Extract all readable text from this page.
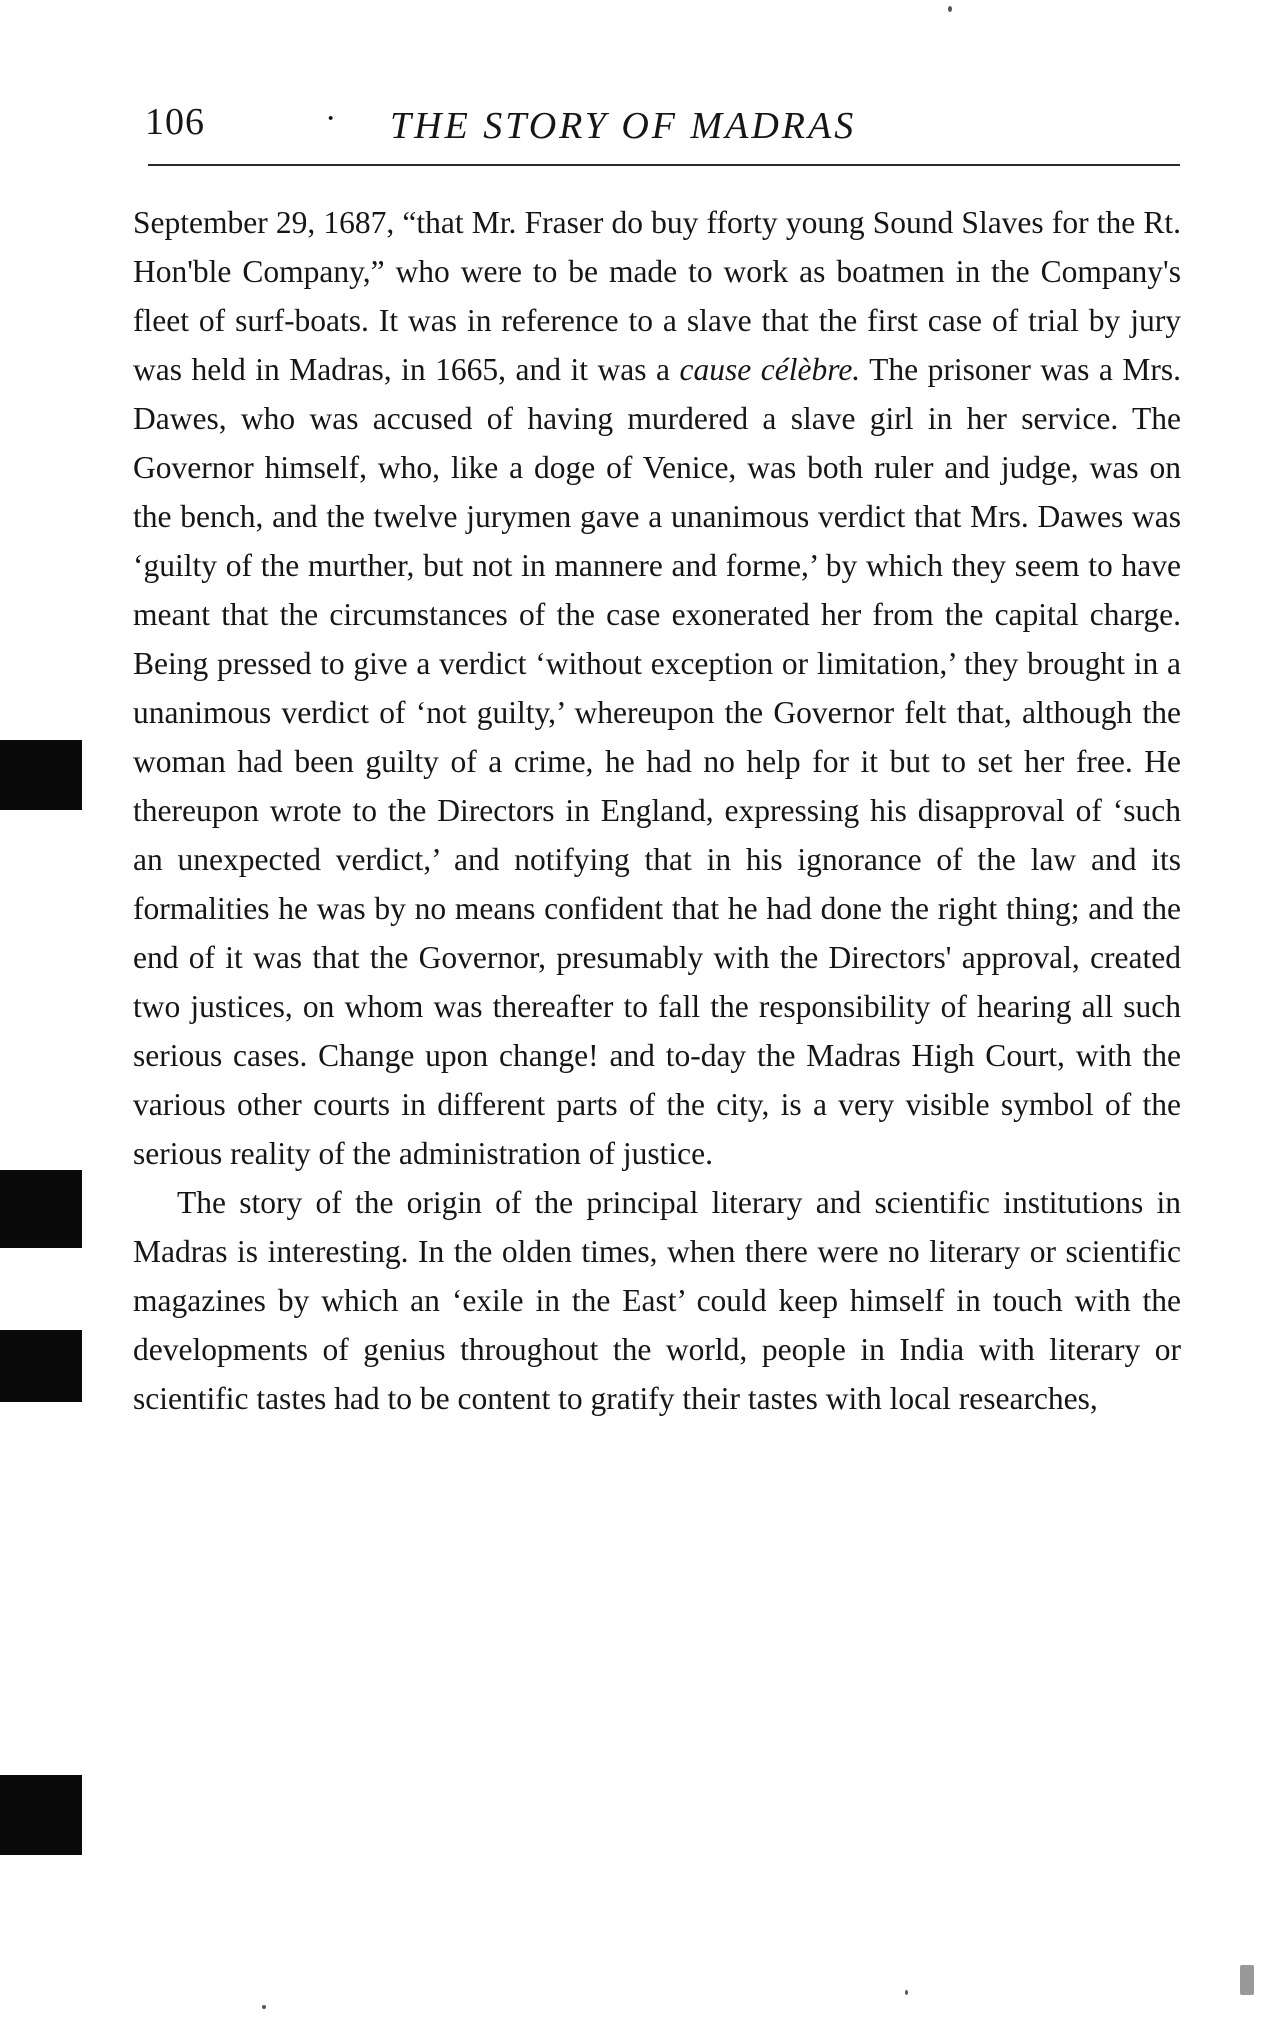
106	· THE STORY OF MADRAS

September 29, 1687, “that Mr. Fraser do buy fforty young Sound Slaves for the Rt. Hon'ble Company,” who were to be made to work as boatmen in the Company's fleet of surf-boats. It was in reference to a slave that the first case of trial by jury was held in Madras, in 1665, and it was a cause célèbre. The prisoner was a Mrs. Dawes, who was accused of having murdered a slave girl in her service. The Governor himself, who, like a doge of Venice, was both ruler and judge, was on the bench, and the twelve jurymen gave a unanimous verdict that Mrs. Dawes was ‘guilty of the murther, but not in mannere and forme,’ by which they seem to have meant that the circumstances of the case exonerated her from the capital charge. Being pressed to give a verdict ‘without exception or limitation,’ they brought in a unanimous verdict of ‘not guilty,’ whereupon the Governor felt that, although the woman had been guilty of a crime, he had no help for it but to set her free. He thereupon wrote to the Directors in England, expressing his disapproval of ‘such an unexpected verdict,’ and notifying that in his ignorance of the law and its formalities he was by no means confident that he had done the right thing; and the end of it was that the Governor, presumably with the Directors' approval, created two justices, on whom was thereafter to fall the responsibility of hearing all such serious cases. Change upon change! and to-day the Madras High Court, with the various other courts in different parts of the city, is a very visible symbol of the serious reality of the administration of justice.

The story of the origin of the principal literary and scientific institutions in Madras is interesting. In the olden times, when there were no literary or scientific magazines by which an ‘exile in the East’ could keep himself in touch with the developments of genius throughout the world, people in India with literary or scientific tastes had to be content to gratify their tastes with local researches,
